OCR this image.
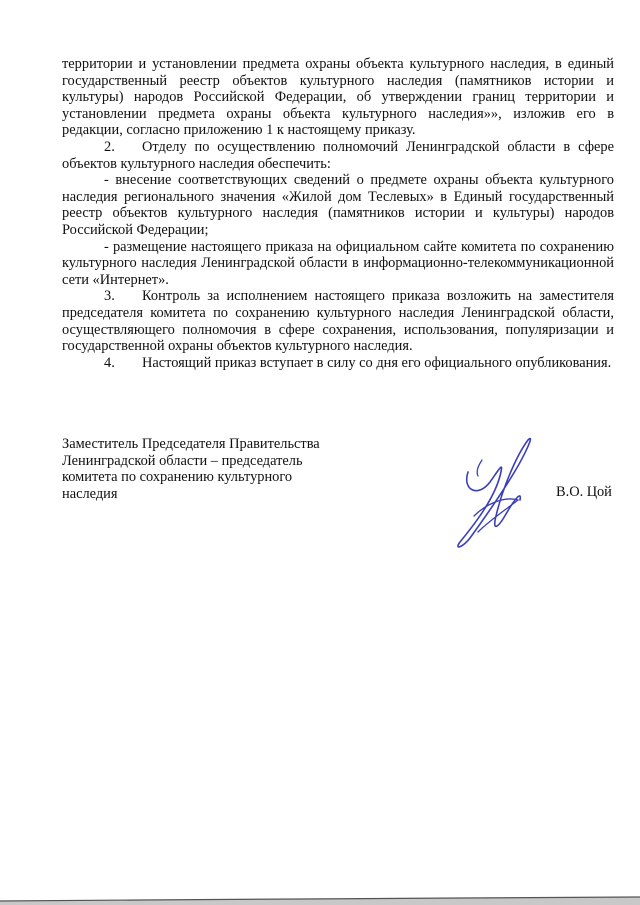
территории и установлении предмета охраны объекта культурного наследия, в единый государственный реестр объектов культурного наследия (памятников истории и культуры) народов Российской Федерации, об утверждении границ территории и установлении предмета охраны объекта культурного наследия»», изложив его в редакции, согласно приложению 1 к настоящему приказу.

2. Отделу по осуществлению полномочий Ленинградской области в сфере объектов культурного наследия обеспечить:

- внесение соответствующих сведений о предмете охраны объекта культурного наследия регионального значения «Жилой дом Теслевых» в Единый государственный реестр объектов культурного наследия (памятников истории и культуры) народов Российской Федерации;

- размещение настоящего приказа на официальном сайте комитета по сохранению культурного наследия Ленинградской области в информационно-телекоммуникационной сети «Интернет».

3. Контроль за исполнением настоящего приказа возложить на заместителя председателя комитета по сохранению культурного наследия Ленинградской области, осуществляющего полномочия в сфере сохранения, использования, популяризации и государственной охраны объектов культурного наследия.

4. Настоящий приказ вступает в силу со дня его официального опубликования.

Заместитель Председателя Правительства
Ленинградской области – председатель
комитета по сохранению культурного
наследия	В.О. Цой
